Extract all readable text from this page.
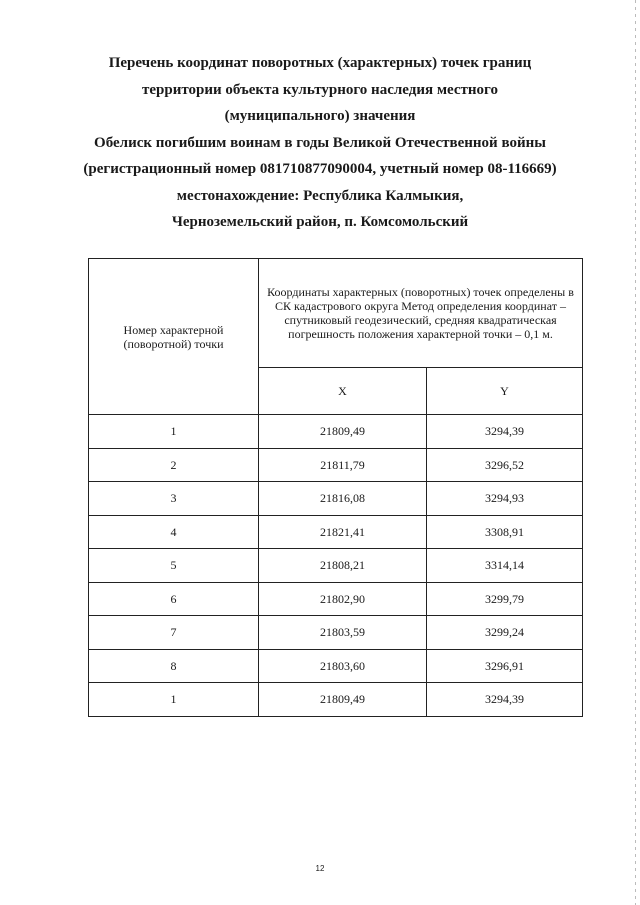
Перечень координат поворотных (характерных) точек границ
территории объекта культурного наследия местного
(муниципального) значения
Обелиск погибшим воинам в годы Великой Отечественной войны
(регистрационный номер 081710877090004, учетный номер 08-116669)
местонахождение: Республика Калмыкия,
Черноземельский район, п. Комсомольский
Номер характерной (поворотной) точки	Координаты характерных (поворотных) точек определены в СК кадастрового округа Метод определения координат – спутниковый геодезический, средняя квадратическая погрешность положения характерной точки – 0,1 м.	
	X	Y
1	21809,49	3294,39
2	21811,79	3296,52
3	21816,08	3294,93
4	21821,41	3308,91
5	21808,21	3314,14
6	21802,90	3299,79
7	21803,59	3299,24
8	21803,60	3296,91
1	21809,49	3294,39
12
